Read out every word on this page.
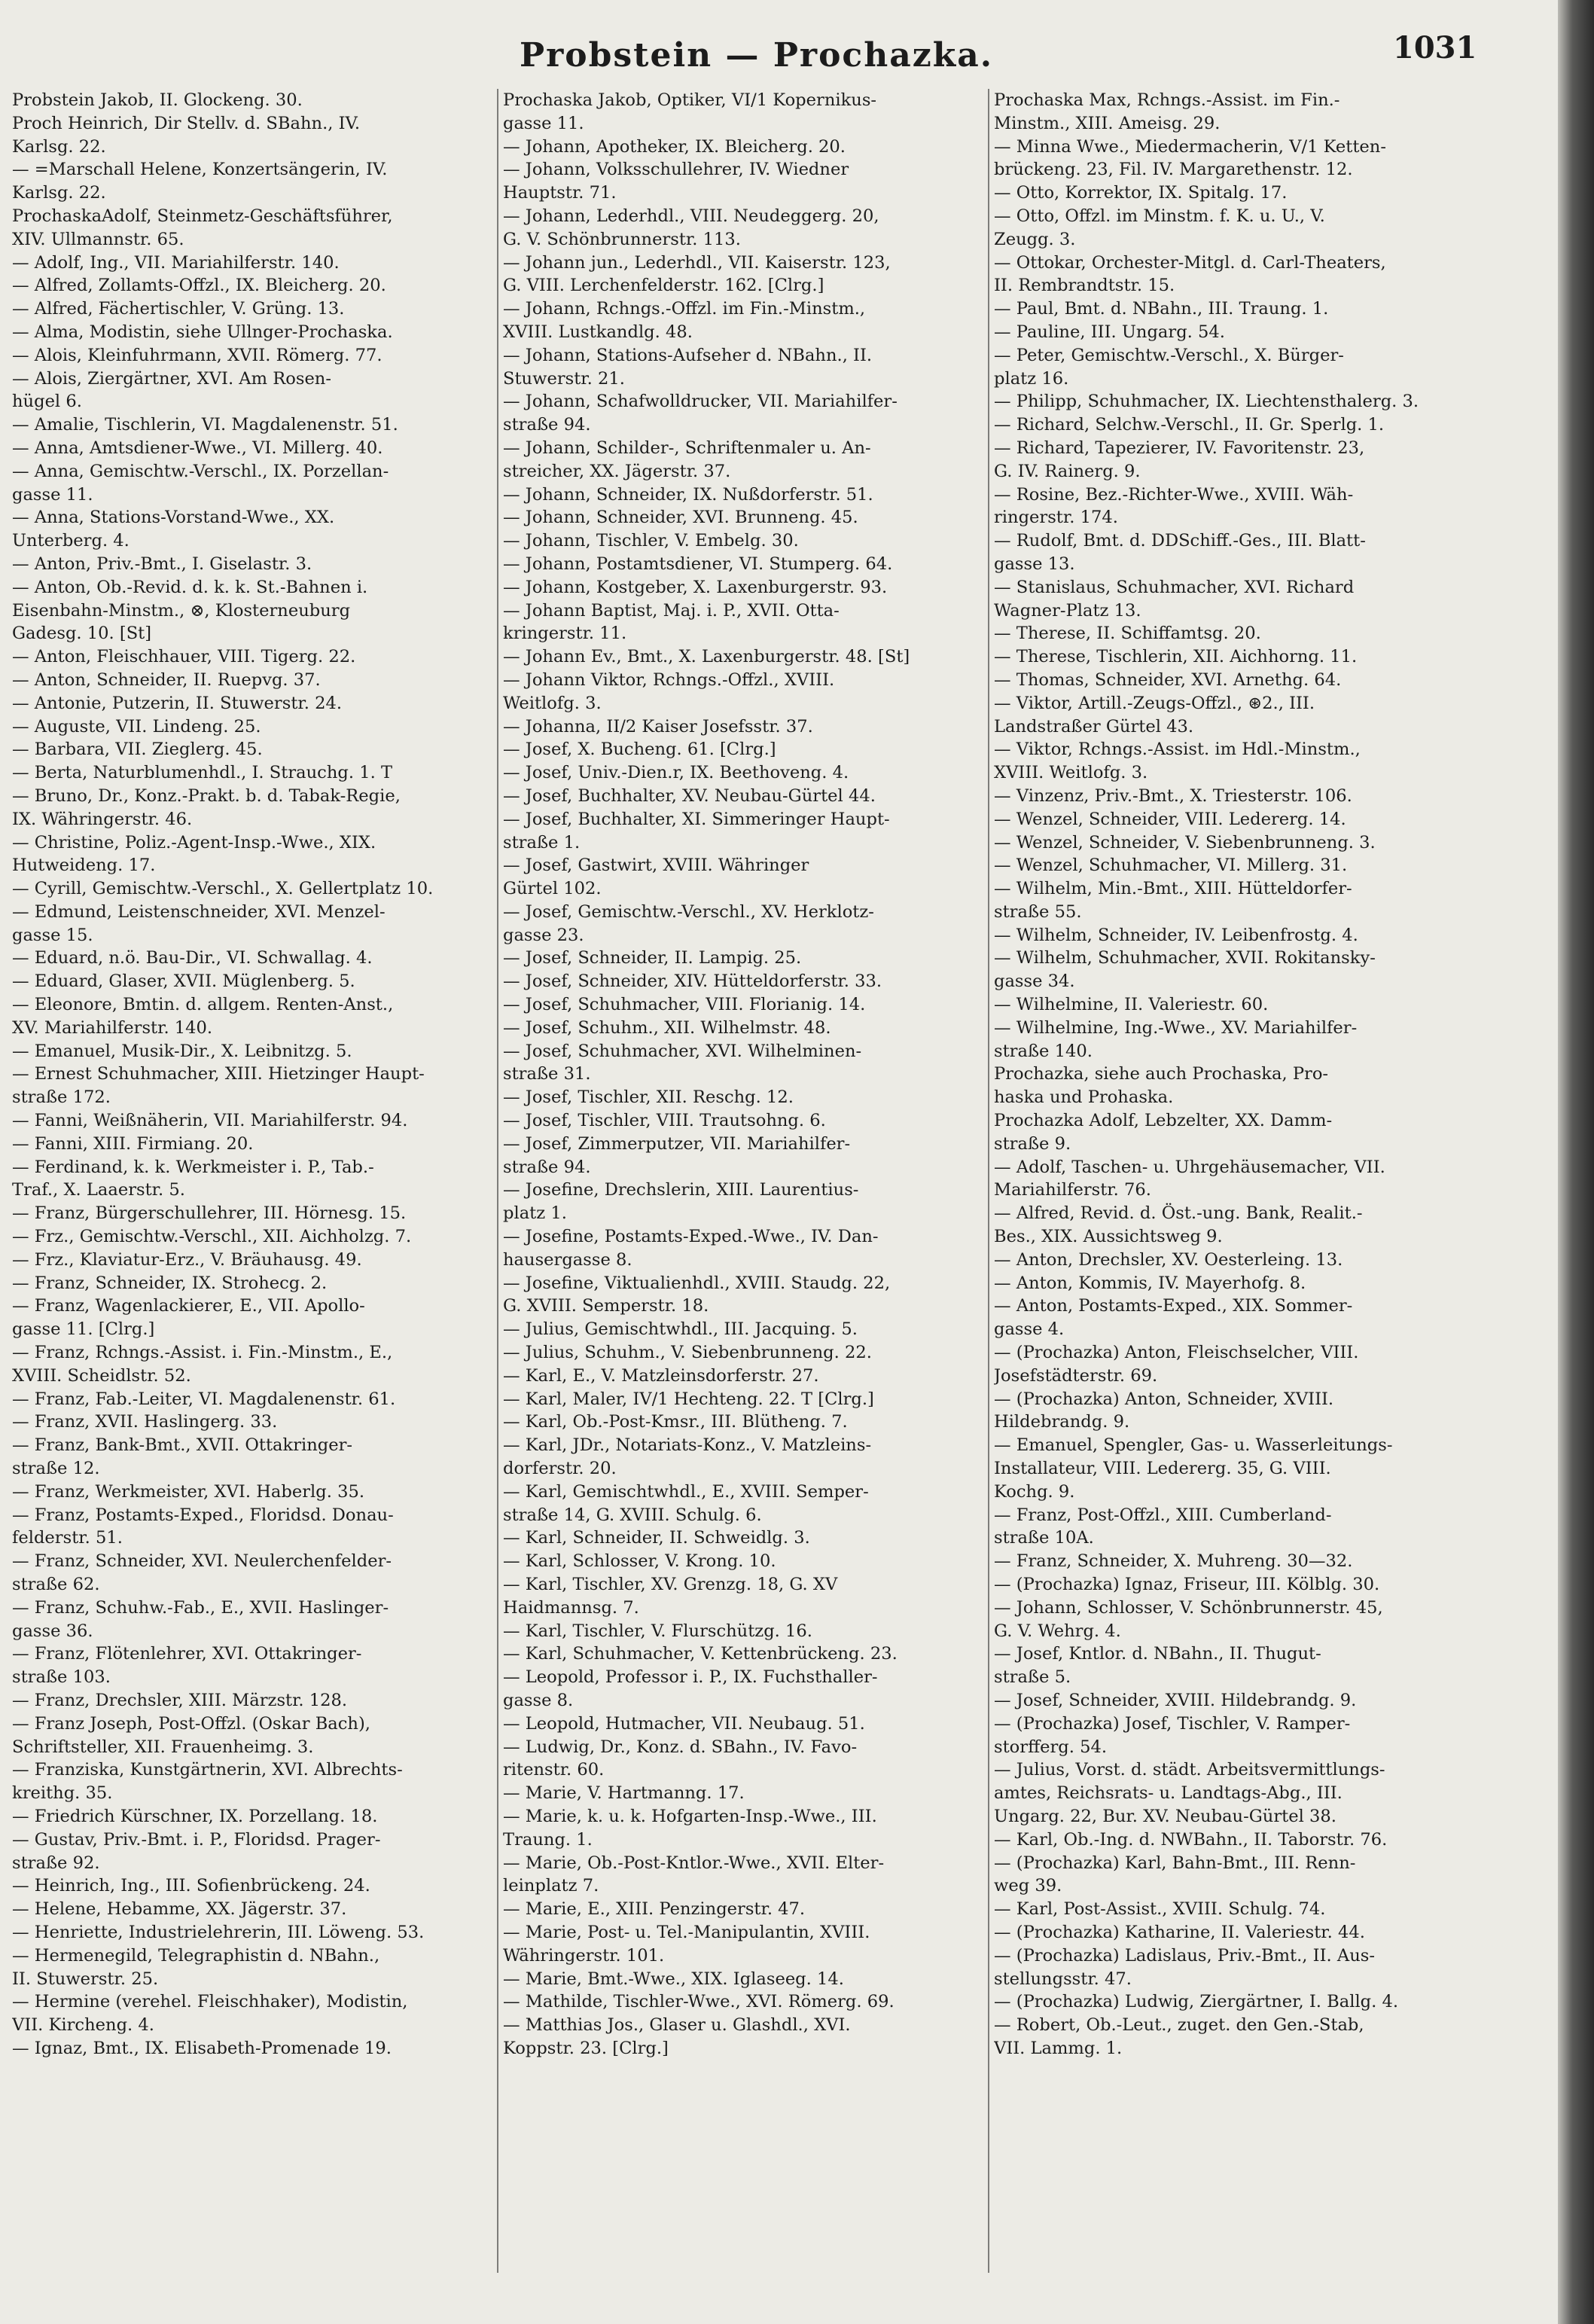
Probstein — Prochazka.	1031
Probstein Jakob, II. Glockeng. 30.
Proch Heinrich, Dir Stellv. d. SBahn., IV.
Karlsg. 22.
— =Marschall Helene, Konzertsängerin, IV.
Karlsg. 22.
ProchaskaAdolf, Steinmetz-Geschäftsführer,
XIV. Ullmannstr. 65.
— Adolf, Ing., VII. Mariahilferstr. 140.
— Alfred, Zollamts-Offzl., IX. Bleicherg. 20.
— Alfred, Fächertischler, V. Grüng. 13.
— Alma, Modistin, siehe Ullnger-Prochaska.
— Alois, Kleinfuhrmann, XVII. Römerg. 77.
— Alois, Ziergärtner, XVI. Am Rosen-
hügel 6.
— Amalie, Tischlerin, VI. Magdalenenstr. 51.
— Anna, Amtsdiener-Wwe., VI. Millerg. 40.
— Anna, Gemischtw.-Verschl., IX. Porzellan-
gasse 11.
— Anna, Stations-Vorstand-Wwe., XX.
Unterberg. 4.
— Anton, Priv.-Bmt., I. Giselastr. 3.
— Anton, Ob.-Revid. d. k. k. St.-Bahnen i.
Eisenbahn-Minstm., ⊗, Klosterneuburg
Gadesg. 10. [St]
— Anton, Fleischhauer, VIII. Tigerg. 22.
— Anton, Schneider, II. Ruepvg. 37.
— Antonie, Putzerin, II. Stuwerstr. 24.
— Auguste, VII. Lindeng. 25.
— Barbara, VII. Zieglerg. 45.
— Berta, Naturblumenhdl., I. Strauchg. 1. T
— Bruno, Dr., Konz.-Prakt. b. d. Tabak-Regie,
IX. Währingerstr. 46.
— Christine, Poliz.-Agent-Insp.-Wwe., XIX.
Hutweideng. 17.
— Cyrill, Gemischtw.-Verschl., X. Gellertplatz 10.
— Edmund, Leistenschneider, XVI. Menzel-
gasse 15.
— Eduard, n.ö. Bau-Dir., VI. Schwallag. 4.
— Eduard, Glaser, XVII. Müglenberg. 5.
— Eleonore, Bmtin. d. allgem. Renten-Anst.,
XV. Mariahilferstr. 140.
— Emanuel, Musik-Dir., X. Leibnitzg. 5.
— Ernest Schuhmacher, XIII. Hietzinger Haupt-
straße 172.
— Fanni, Weißnäherin, VII. Mariahilferstr. 94.
— Fanni, XIII. Firmiang. 20.
— Ferdinand, k. k. Werkmeister i. P., Tab.-
Traf., X. Laaerstr. 5.
— Franz, Bürgerschullehrer, III. Hörnesg. 15.
— Frz., Gemischtw.-Verschl., XII. Aichholzg. 7.
— Frz., Klaviatur-Erz., V. Bräuhausg. 49.
— Franz, Schneider, IX. Strohecg. 2.
— Franz, Wagenlackierer, E., VII. Apollo-
gasse 11. [Clrg.]
— Franz, Rchngs.-Assist. i. Fin.-Minstm., E.,
XVIII. Scheidlstr. 52.
— Franz, Fab.-Leiter, VI. Magdalenenstr. 61.
— Franz, XVII. Haslingerg. 33.
— Franz, Bank-Bmt., XVII. Ottakringer-
straße 12.
— Franz, Werkmeister, XVI. Haberlg. 35.
— Franz, Postamts-Exped., Floridsd. Donau-
felderstr. 51.
— Franz, Schneider, XVI. Neulerchenfelder-
straße 62.
— Franz, Schuhw.-Fab., E., XVII. Haslinger-
gasse 36.
— Franz, Flötenlehrer, XVI. Ottakringer-
straße 103.
— Franz, Drechsler, XIII. Märzstr. 128.
— Franz Joseph, Post-Offzl. (Oskar Bach),
Schriftsteller, XII. Frauenheimg. 3.
— Franziska, Kunstgärtnerin, XVI. Albrechts-
kreithg. 35.
— Friedrich Kürschner, IX. Porzellang. 18.
— Gustav, Priv.-Bmt. i. P., Floridsd. Prager-
straße 92.
— Heinrich, Ing., III. Sofienbrückeng. 24.
— Helene, Hebamme, XX. Jägerstr. 37.
— Henriette, Industrielehrerin, III. Löweng. 53.
— Hermenegild, Telegraphistin d. NBahn.,
II. Stuwerstr. 25.
— Hermine (verehel. Fleischhaker), Modistin,
VII. Kircheng. 4.
— Ignaz, Bmt., IX. Elisabeth-Promenade 19.
Prochaska Jakob, Optiker, VI/1 Kopernikus-
gasse 11.
— Johann, Apotheker, IX. Bleicherg. 20.
— Johann, Volksschullehrer, IV. Wiedner
Hauptstr. 71.
— Johann, Lederhdl., VIII. Neudeggerg. 20,
G. V. Schönbrunnerstr. 113.
— Johann jun., Lederhdl., VII. Kaiserstr. 123,
G. VIII. Lerchenfelderstr. 162. [Clrg.]
— Johann, Rchngs.-Offzl. im Fin.-Minstm.,
XVIII. Lustkandlg. 48.
— Johann, Stations-Aufseher d. NBahn., II.
Stuwerstr. 21.
— Johann, Schafwolldrucker, VII. Mariahilfer-
straße 94.
— Johann, Schilder-, Schriftenmaler u. An-
streicher, XX. Jägerstr. 37.
— Johann, Schneider, IX. Nußdorferstr. 51.
— Johann, Schneider, XVI. Brunneng. 45.
— Johann, Tischler, V. Embelg. 30.
— Johann, Postamtsdiener, VI. Stumperg. 64.
— Johann, Kostgeber, X. Laxenburgerstr. 93.
— Johann Baptist, Maj. i. P., XVII. Otta-
kringerstr. 11.
— Johann Ev., Bmt., X. Laxenburgerstr. 48. [St]
— Johann Viktor, Rchngs.-Offzl., XVIII.
Weitlofg. 3.
— Johanna, II/2 Kaiser Josefsstr. 37.
— Josef, X. Bucheng. 61. [Clrg.]
— Josef, Univ.-Dien.r, IX. Beethoveng. 4.
— Josef, Buchhalter, XV. Neubau-Gürtel 44.
— Josef, Buchhalter, XI. Simmeringer Haupt-
straße 1.
— Josef, Gastwirt, XVIII. Währinger
Gürtel 102.
— Josef, Gemischtw.-Verschl., XV. Herklotz-
gasse 23.
— Josef, Schneider, II. Lampig. 25.
— Josef, Schneider, XIV. Hütteldorferstr. 33.
— Josef, Schuhmacher, VIII. Florianig. 14.
— Josef, Schuhm., XII. Wilhelmstr. 48.
— Josef, Schuhmacher, XVI. Wilhelminen-
straße 31.
— Josef, Tischler, XII. Reschg. 12.
— Josef, Tischler, VIII. Trautsohng. 6.
— Josef, Zimmerputzer, VII. Mariahilfer-
straße 94.
— Josefine, Drechslerin, XIII. Laurentius-
platz 1.
— Josefine, Postamts-Exped.-Wwe., IV. Dan-
hausergasse 8.
— Josefine, Viktualienhdl., XVIII. Staudg. 22,
G. XVIII. Semperstr. 18.
— Julius, Gemischtwhdl., III. Jacquing. 5.
— Julius, Schuhm., V. Siebenbrunneng. 22.
— Karl, E., V. Matzleinsdorferstr. 27.
— Karl, Maler, IV/1 Hechteng. 22. T [Clrg.]
— Karl, Ob.-Post-Kmsr., III. Blütheng. 7.
— Karl, JDr., Notariats-Konz., V. Matzleins-
dorferstr. 20.
— Karl, Gemischtwhdl., E., XVIII. Semper-
straße 14, G. XVIII. Schulg. 6.
— Karl, Schneider, II. Schweidlg. 3.
— Karl, Schlosser, V. Krong. 10.
— Karl, Tischler, XV. Grenzg. 18, G. XV
Haidmannsg. 7.
— Karl, Tischler, V. Flurschützg. 16.
— Karl, Schuhmacher, V. Kettenbrückeng. 23.
— Leopold, Professor i. P., IX. Fuchsthaller-
gasse 8.
— Leopold, Hutmacher, VII. Neubaug. 51.
— Ludwig, Dr., Konz. d. SBahn., IV. Favo-
ritenstr. 60.
— Marie, V. Hartmanng. 17.
— Marie, k. u. k. Hofgarten-Insp.-Wwe., III.
Traung. 1.
— Marie, Ob.-Post-Kntlor.-Wwe., XVII. Elter-
leinplatz 7.
— Marie, E., XIII. Penzingerstr. 47.
— Marie, Post- u. Tel.-Manipulantin, XVIII.
Währingerstr. 101.
— Marie, Bmt.-Wwe., XIX. Iglaseeg. 14.
— Mathilde, Tischler-Wwe., XVI. Römerg. 69.
— Matthias Jos., Glaser u. Glashdl., XVI.
Koppstr. 23. [Clrg.]
Prochaska Max, Rchngs.-Assist. im Fin.-
Minstm., XIII. Ameisg. 29.
— Minna Wwe., Miedermacherin, V/1 Ketten-
brückeng. 23, Fil. IV. Margarethenstr. 12.
— Otto, Korrektor, IX. Spitalg. 17.
— Otto, Offzl. im Minstm. f. K. u. U., V.
Zeugg. 3.
— Ottokar, Orchester-Mitgl. d. Carl-Theaters,
II. Rembrandtstr. 15.
— Paul, Bmt. d. NBahn., III. Traung. 1.
— Pauline, III. Ungarg. 54.
— Peter, Gemischtw.-Verschl., X. Bürger-
platz 16.
— Philipp, Schuhmacher, IX. Liechtensthalerg. 3.
— Richard, Selchw.-Verschl., II. Gr. Sperlg. 1.
— Richard, Tapezierer, IV. Favoritenstr. 23,
G. IV. Rainerg. 9.
— Rosine, Bez.-Richter-Wwe., XVIII. Wäh-
ringerstr. 174.
— Rudolf, Bmt. d. DDSchiff.-Ges., III. Blatt-
gasse 13.
— Stanislaus, Schuhmacher, XVI. Richard
Wagner-Platz 13.
— Therese, II. Schiffamtsg. 20.
— Therese, Tischlerin, XII. Aichhorng. 11.
— Thomas, Schneider, XVI. Arnethg. 64.
— Viktor, Artill.-Zeugs-Offzl., ⊛2., III.
Landstraßer Gürtel 43.
— Viktor, Rchngs.-Assist. im Hdl.-Minstm.,
XVIII. Weitlofg. 3.
— Vinzenz, Priv.-Bmt., X. Triesterstr. 106.
— Wenzel, Schneider, VIII. Ledererg. 14.
— Wenzel, Schneider, V. Siebenbrunneng. 3.
— Wenzel, Schuhmacher, VI. Millerg. 31.
— Wilhelm, Min.-Bmt., XIII. Hütteldorfer-
straße 55.
— Wilhelm, Schneider, IV. Leibenfrostg. 4.
— Wilhelm, Schuhmacher, XVII. Rokitansky-
gasse 34.
— Wilhelmine, II. Valeriestr. 60.
— Wilhelmine, Ing.-Wwe., XV. Mariahilfer-
straße 140.
Prochazka, siehe auch Prochaska, Pro-
haska und Prohaska.
Prochazka Adolf, Lebzelter, XX. Damm-
straße 9.
— Adolf, Taschen- u. Uhrgehäusemacher, VII.
Mariahilferstr. 76.
— Alfred, Revid. d. Öst.-ung. Bank, Realit.-
Bes., XIX. Aussichtsweg 9.
— Anton, Drechsler, XV. Oesterleing. 13.
— Anton, Kommis, IV. Mayerhofg. 8.
— Anton, Postamts-Exped., XIX. Sommer-
gasse 4.
— (Prochazka) Anton, Fleischselcher, VIII.
Josefstädterstr. 69.
— (Prochazka) Anton, Schneider, XVIII.
Hildebrandg. 9.
— Emanuel, Spengler, Gas- u. Wasserleitungs-
Installateur, VIII. Ledererg. 35, G. VIII.
Kochg. 9.
— Franz, Post-Offzl., XIII. Cumberland-
straße 10A.
— Franz, Schneider, X. Muhreng. 30—32.
— (Prochazka) Ignaz, Friseur, III. Kölblg. 30.
— Johann, Schlosser, V. Schönbrunnerstr. 45,
G. V. Wehrg. 4.
— Josef, Kntlor. d. NBahn., II. Thugut-
straße 5.
— Josef, Schneider, XVIII. Hildebrandg. 9.
— (Prochazka) Josef, Tischler, V. Ramper-
storfferg. 54.
— Julius, Vorst. d. städt. Arbeitsvermittlungs-
amtes, Reichsrats- u. Landtags-Abg., III.
Ungarg. 22, Bur. XV. Neubau-Gürtel 38.
— Karl, Ob.-Ing. d. NWBahn., II. Taborstr. 76.
— (Prochazka) Karl, Bahn-Bmt., III. Renn-
weg 39.
— Karl, Post-Assist., XVIII. Schulg. 74.
— (Prochazka) Katharine, II. Valeriestr. 44.
— (Prochazka) Ladislaus, Priv.-Bmt., II. Aus-
stellungsstr. 47.
— (Prochazka) Ludwig, Ziergärtner, I. Ballg. 4.
— Robert, Ob.-Leut., zuget. den Gen.-Stab,
VII. Lammg. 1.
